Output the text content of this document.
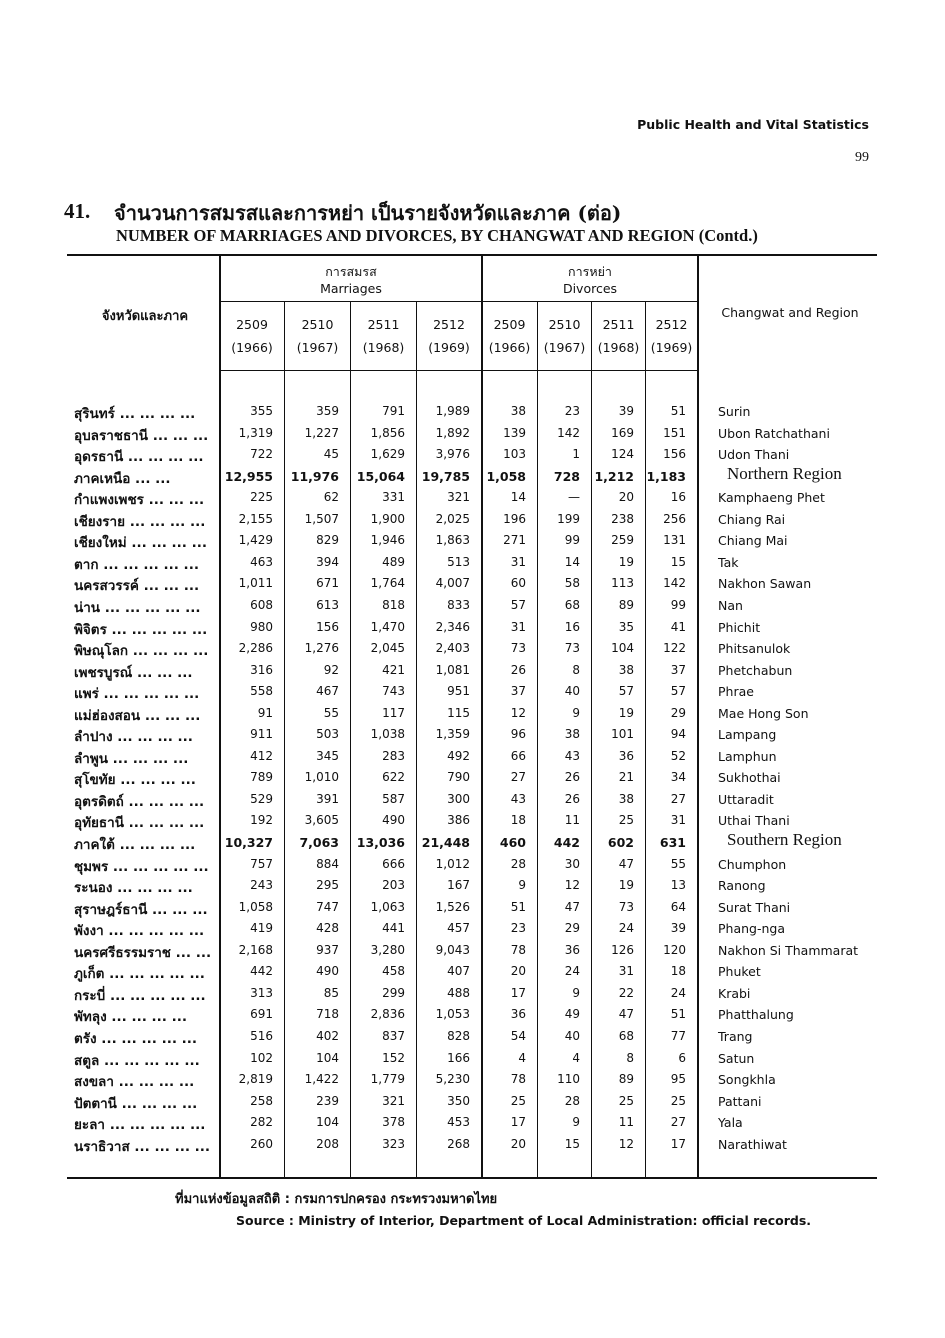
Public Health and Vital Statistics
99
41. จำนวนการสมรสและการหย่า เป็นรายจังหวัดและภาค (ต่อ)
NUMBER OF MARRIAGES AND DIVORCES, BY CHANGWAT AND REGION (Contd.)
การสมรส
Marriages
การหย่า
Divorces
จังหวัดและภาค	Changwat and Region
2509
(1966)
2510
(1967)
2511
(1968)
2512
(1969)
2509
(1966)
2510
(1967)
2511
(1968)
2512
(1969)
สุรินทร์ ... ... ... ...	355	359	791	1,989	38	23	39	51	Surin
อุบลราชธานี ... ... ...	1,319	1,227	1,856	1,892	139	142	169	151	Ubon Ratchathani
อุดรธานี ... ... ... ...	722	45	1,629	3,976	103	1	124	156	Udon Thani
ภาคเหนือ ... ...	12,955	11,976	15,064	19,785	1,058	728 1,212 1,183 Northern Region
กำแพงเพชร ... ... ...	225	62	331	321	14	—	20	16	Kamphaeng Phet
เชียงราย ... ... ... ...	2,155	1,507	1,900	2,025	196	199	238	256	Chiang Rai
เชียงใหม่ ... ... ... ...	1,429	829	1,946	1,863	271	99	259	131	Chiang Mai
ตาก ... ... ... ... ...	463	394	489	513	31	14	19	15	Tak
นครสวรรค์ ... ... ...	1,011	671	1,764	4,007	60	58	113	142	Nakhon Sawan
น่าน ... ... ... ... ...	608	613	818	833	57	68	89	99	Nan
พิจิตร ... ... ... ... ...	980	156	1,470	2,346	31	16	35	41	Phichit
พิษณุโลก ... ... ... ...	2,286	1,276	2,045	2,403	73	73	104	122	Phitsanulok
เพชรบูรณ์ ... ... ...	316	92	421	1,081	26	8	38	37	Phetchabun
แพร่ ... ... ... ... ...	558	467	743	951	37	40	57	57	Phrae
แม่ฮ่องสอน ... ... ...	91	55	117	115	12	9	19	29	Mae Hong Son
ลำปาง ... ... ... ...	911	503	1,038	1,359	96	38	101	94	Lampang
ลำพูน ... ... ... ...	412	345	283	492	66	43	36	52	Lamphun
สุโขทัย ... ... ... ...	789	1,010	622	790	27	26	21	34	Sukhothai
อุตรดิตถ์ ... ... ... ...	529	391	587	300	43	26	38	27	Uttaradit
อุทัยธานี ... ... ... ...	192	3,605	490	386	18	11	25	31	Uthai Thani
ภาคใต้ ... ... ... ...	10,327	7,063	13,036	21,448	460	442	602	631 Southern Region
ชุมพร ... ... ... ... ...	757	884	666	1,012	28	30	47	55	Chumphon
ระนอง ... ... ... ...	243	295	203	167	9	12	19	13	Ranong
สุราษฎร์ธานี ... ... ...	1,058	747	1,063	1,526	51	47	73	64	Surat Thani
พังงา ... ... ... ... ...	419	428	441	457	23	29	24	39	Phang-nga
นครศรีธรรมราช ... ...	2,168	937	3,280	9,043	78	36	126	120	Nakhon Si Thammarat
ภูเก็ต ... ... ... ... ...	442	490	458	407	20	24	31	18	Phuket
กระบี่ ... ... ... ... ...	313	85	299	488	17	9	22	24	Krabi
พัทลุง ... ... ... ...	691	718	2,836	1,053	36	49	47	51	Phatthalung
ตรัง ... ... ... ... ...	516	402	837	828	54	40	68	77	Trang
สตูล ... ... ... ... ...	102	104	152	166	4	4	8	6	Satun
สงขลา ... ... ... ...	2,819	1,422	1,779	5,230	78	110	89	95	Songkhla
ปัตตานี ... ... ... ...	258	239	321	350	25	28	25	25	Pattani
ยะลา ... ... ... ... ...	282	104	378	453	17	9	11	27	Yala
นราธิวาส ... ... ... ...	260	208	323	268	20	15	12	17	Narathiwat
ที่มาแห่งข้อมูลสถิติ : กรมการปกครอง กระทรวงมหาดไทย
Source : Ministry of Interior, Department of Local Administration: official records.
